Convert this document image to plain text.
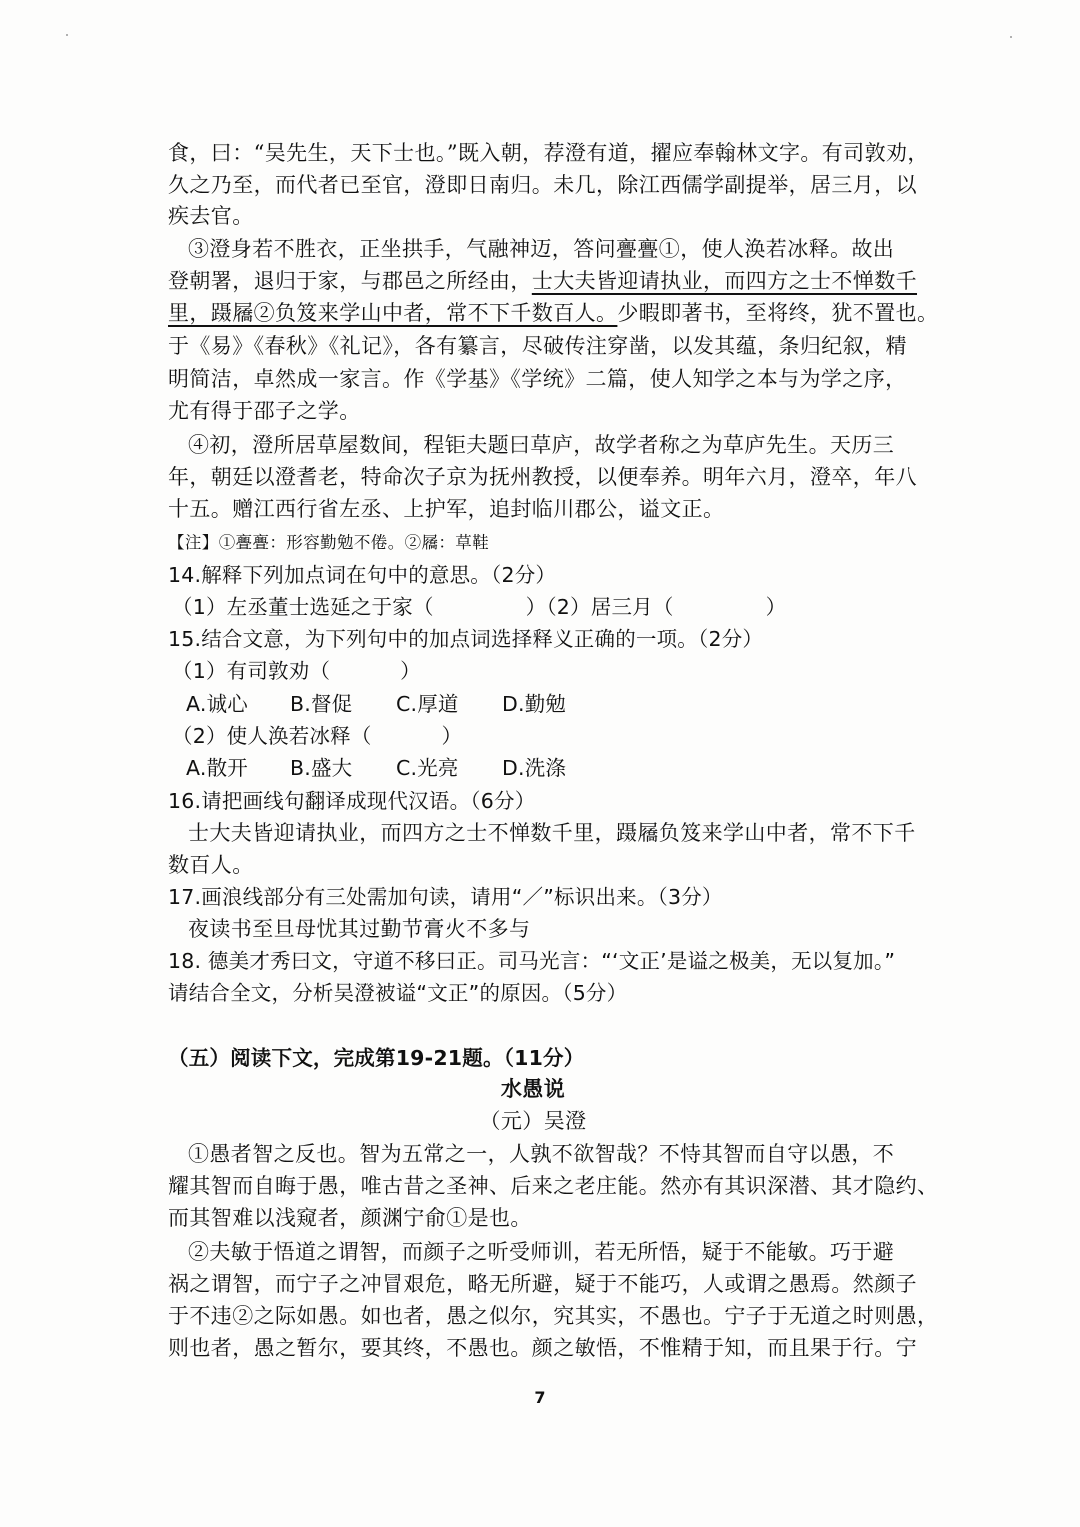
食，曰：“吴先生，天下士也。”既入朝，荐澄有道，擢应奉翰林文字。有司敦劝，
久之乃至，而代者已至官，澄即日南归。未几，除江西儒学副提举，居三月，以
疾去官。
③澄身若不胜衣，正坐拱手，气融神迈，答问亹亹①，使人涣若冰释。故出
登朝署，退归于家，与郡邑之所经由，士大夫皆迎请执业，而四方之士不惮数千
里，蹑屩②负笈来学山中者，常不下千数百人。少暇即著书，至将终，犹不置也。
于《易》《春秋》《礼记》，各有纂言，尽破传注穿凿，以发其蕴，条归纪叙，精
明简洁，卓然成一家言。作《学基》《学统》二篇，使人知学之本与为学之序，
尤有得于邵子之学。
④初，澄所居草屋数间，程钜夫题曰草庐，故学者称之为草庐先生。天历三
年，朝廷以澄耆老，特命次子京为抚州教授，以便奉养。明年六月，澄卒，年八
十五。赠江西行省左丞、上护军，追封临川郡公，谥文正。
【注】①亹亹：形容勤勉不倦。②屩：草鞋
14.解释下列加点词在句中的意思。（2分）
（1）左丞董士选延之于家（	）（2）居三月（	）
15.结合文意，为下列句中的加点词选择释义正确的一项。（2分）
（1）有司敦劝（	）
A.诚心	B.督促	C.厚道	D.勤勉
（2）使人涣若冰释（	）
A.散开	B.盛大	C.光亮	D.洗涤
16.请把画线句翻译成现代汉语。（6分）
士大夫皆迎请执业，而四方之士不惮数千里，蹑屩负笈来学山中者，常不下千
数百人。
17.画浪线部分有三处需加句读，请用“／”标识出来。（3分）
夜读书至旦母忧其过勤节膏火不多与
18. 德美才秀曰文，守道不移曰正。司马光言：“‘文正’是谥之极美，无以复加。”
请结合全文，分析吴澄被谥“文正”的原因。（5分）
（五）阅读下文，完成第19-21题。（11分）
水愚说
（元）吴澄
①愚者智之反也。智为五常之一，人孰不欲智哉？不恃其智而自守以愚，不
耀其智而自晦于愚，唯古昔之圣神、后来之老庄能。然亦有其识深潜、其才隐约、
而其智难以浅窥者，颜渊宁俞①是也。
②夫敏于悟道之谓智，而颜子之听受师训，若无所悟，疑于不能敏。巧于避
祸之谓智，而宁子之冲冒艰危，略无所避，疑于不能巧，人或谓之愚焉。然颜子
于不违②之际如愚。如也者，愚之似尔，究其实，不愚也。宁子于无道之时则愚，
则也者，愚之暂尔，要其终，不愚也。颜之敏悟，不惟精于知，而且果于行。宁
7
